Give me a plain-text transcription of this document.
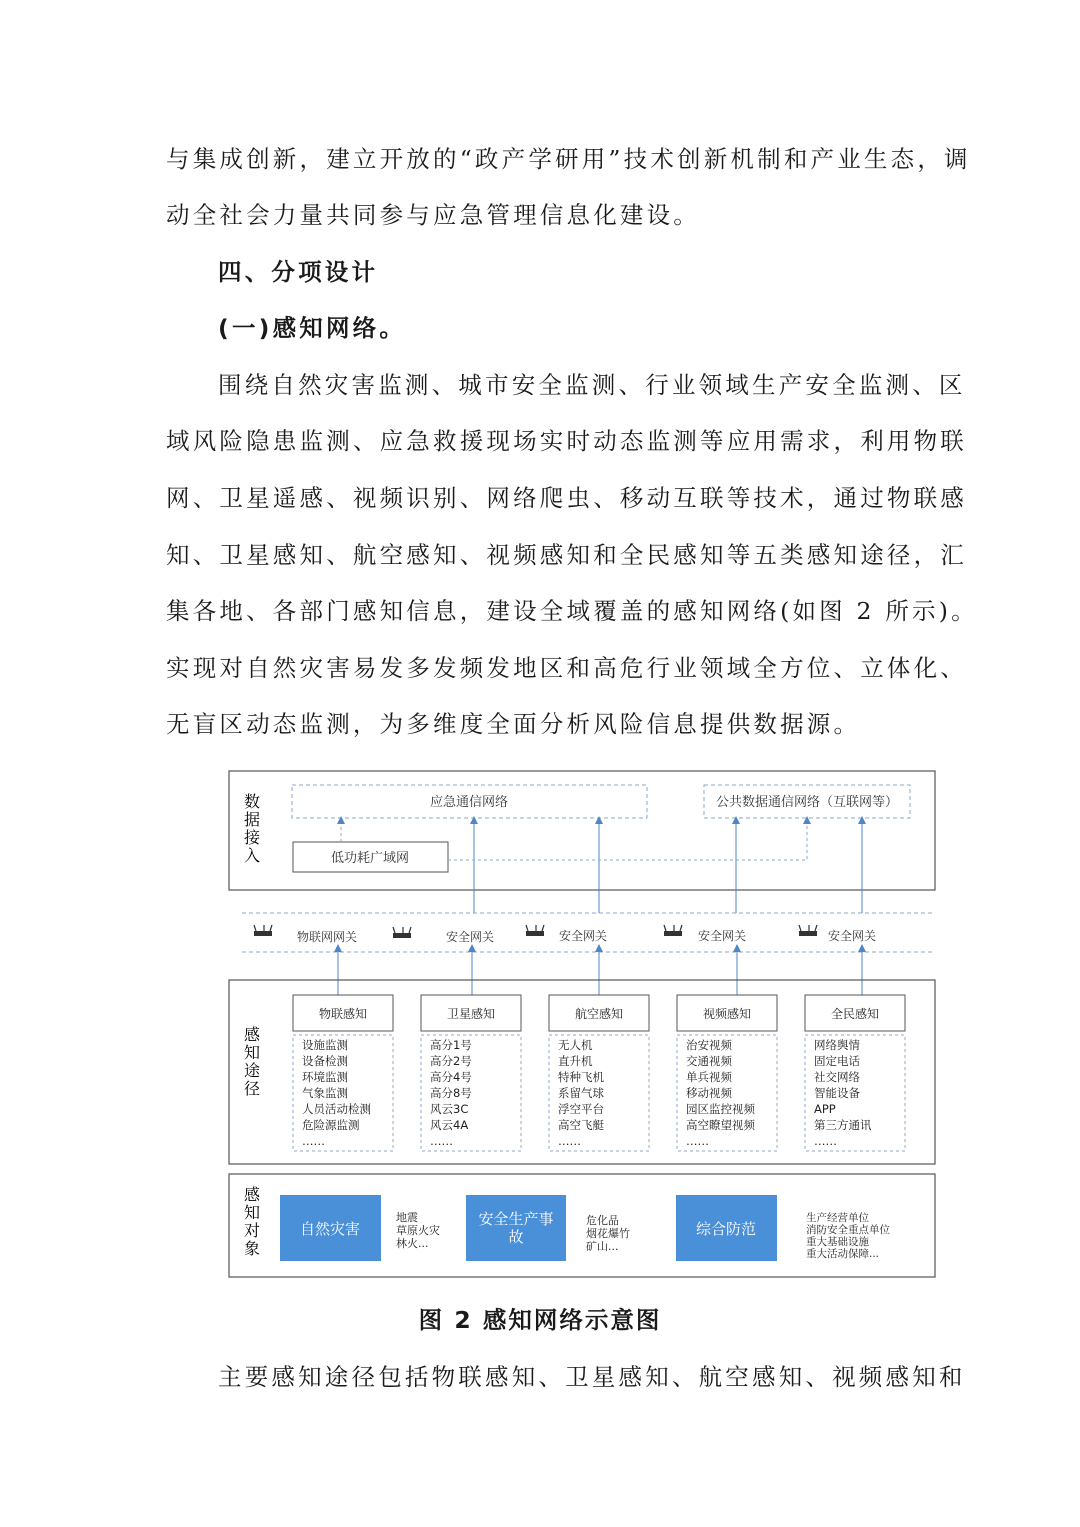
与集成创新，建立开放的“政产学研用”技术创新机制和产业生态，调
动全社会力量共同参与应急管理信息化建设。
四、分项设计
(一)感知网络。
围绕自然灾害监测、城市安全监测、行业领域生产安全监测、区
域风险隐患监测、应急救援现场实时动态监测等应用需求，利用物联
网、卫星遥感、视频识别、网络爬虫、移动互联等技术，通过物联感
知、卫星感知、航空感知、视频感知和全民感知等五类感知途径，汇
集各地、各部门感知信息，建设全域覆盖的感知网络(如图 2 所示)。
实现对自然灾害易发多发频发地区和高危行业领域全方位、立体化、
无盲区动态监测，为多维度全面分析风险信息提供数据源。
数
据
接
入
应急通信网络	公共数据通信网络（互联网等）
低功耗广域网
物联网网关	安全网关	安全网关	安全网关	安全网关
感
知
途
径
物联感知
设施监测
设备检测
环境监测
气象监测
人员活动检测
危险源监测
……
卫星感知
高分1号
高分2号
高分4号
高分8号
风云3C
风云4A
……
航空感知
无人机
直升机
特种飞机
系留气球
浮空平台
高空飞艇
……
视频感知
治安视频
交通视频
单兵视频
移动视频
园区监控视频
高空瞭望视频
……
全民感知
网络舆情
固定电话
社交网络
智能设备
APP
第三方通讯
……
感
知
对
象
自然灾害
地震
草原火灾
林火...
安全生产事
故
危化品
烟花爆竹
矿山...
综合防范
生产经营单位
消防安全重点单位
重大基础设施
重大活动保障...
图 2 感知网络示意图
主要感知途径包括物联感知、卫星感知、航空感知、视频感知和
